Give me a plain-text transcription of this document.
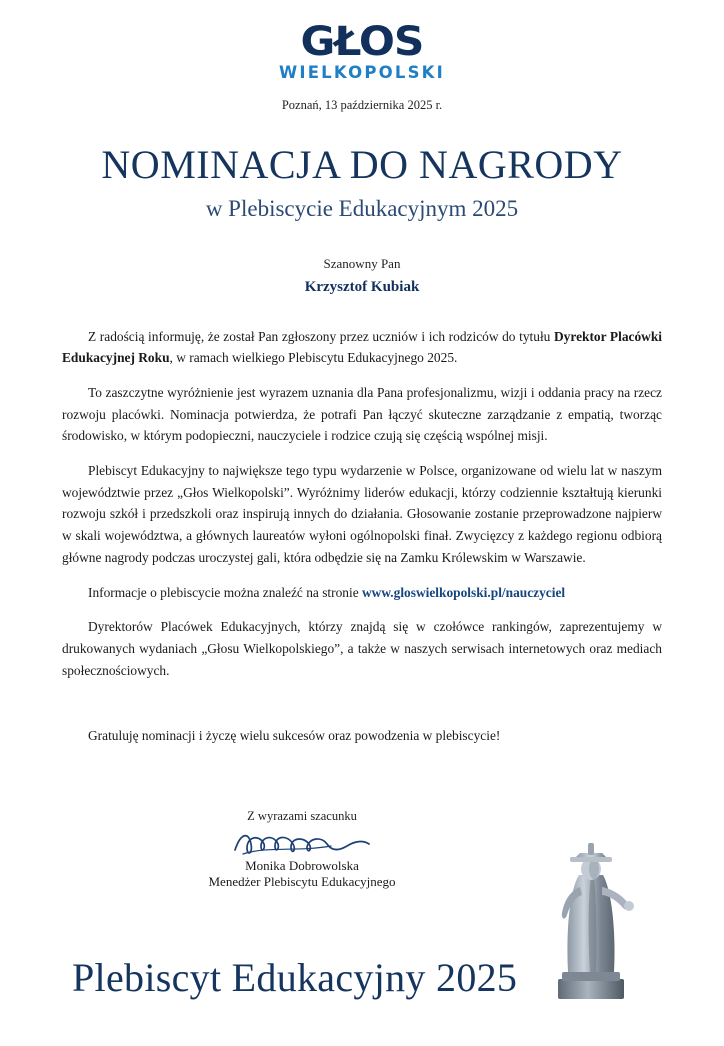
GŁOS
WIELKOPOLSKI
Poznań, 13 października 2025 r.
NOMINACJA DO NAGRODY
w Plebiscycie Edukacyjnym 2025
Szanowny Pan
Krzysztof Kubiak

Z radością informuję, że został Pan zgłoszony przez uczniów i ich rodziców do tytułu Dyrektor Placówki Edukacyjnej Roku, w ramach wielkiego Plebiscytu Edukacyjnego 2025.

To zaszczytne wyróżnienie jest wyrazem uznania dla Pana profesjonalizmu, wizji i oddania pracy na rzecz rozwoju placówki. Nominacja potwierdza, że potrafi Pan łączyć skuteczne zarządzanie z empatią, tworząc środowisko, w którym podopieczni, nauczyciele i rodzice czują się częścią wspólnej misji.

Plebiscyt Edukacyjny to największe tego typu wydarzenie w Polsce, organizowane od wielu lat w naszym województwie przez „Głos Wielkopolski”. Wyróżnimy liderów edukacji, którzy codziennie kształtują kierunki rozwoju szkół i przedszkoli oraz inspirują innych do działania. Głosowanie zostanie przeprowadzone najpierw w skali województwa, a głównych laureatów wyłoni ogólnopolski finał. Zwycięzcy z każdego regionu odbiorą główne nagrody podczas uroczystej gali, która odbędzie się na Zamku Królewskim w Warszawie.

Informacje o plebiscycie można znaleźć na stronie www.gloswielkopolski.pl/nauczyciel

Dyrektorów Placówek Edukacyjnych, którzy znajdą się w czołówce rankingów, zaprezentujemy w drukowanych wydaniach „Głosu Wielkopolskiego”, a także w naszych serwisach internetowych oraz mediach społecznościowych.

Gratuluję nominacji i życzę wielu sukcesów oraz powodzenia w plebiscycie!
Z wyrazami szacunku
Monika Dobrowolska
Menedżer Plebiscytu Edukacyjnego
Plebiscyt Edukacyjny 2025
